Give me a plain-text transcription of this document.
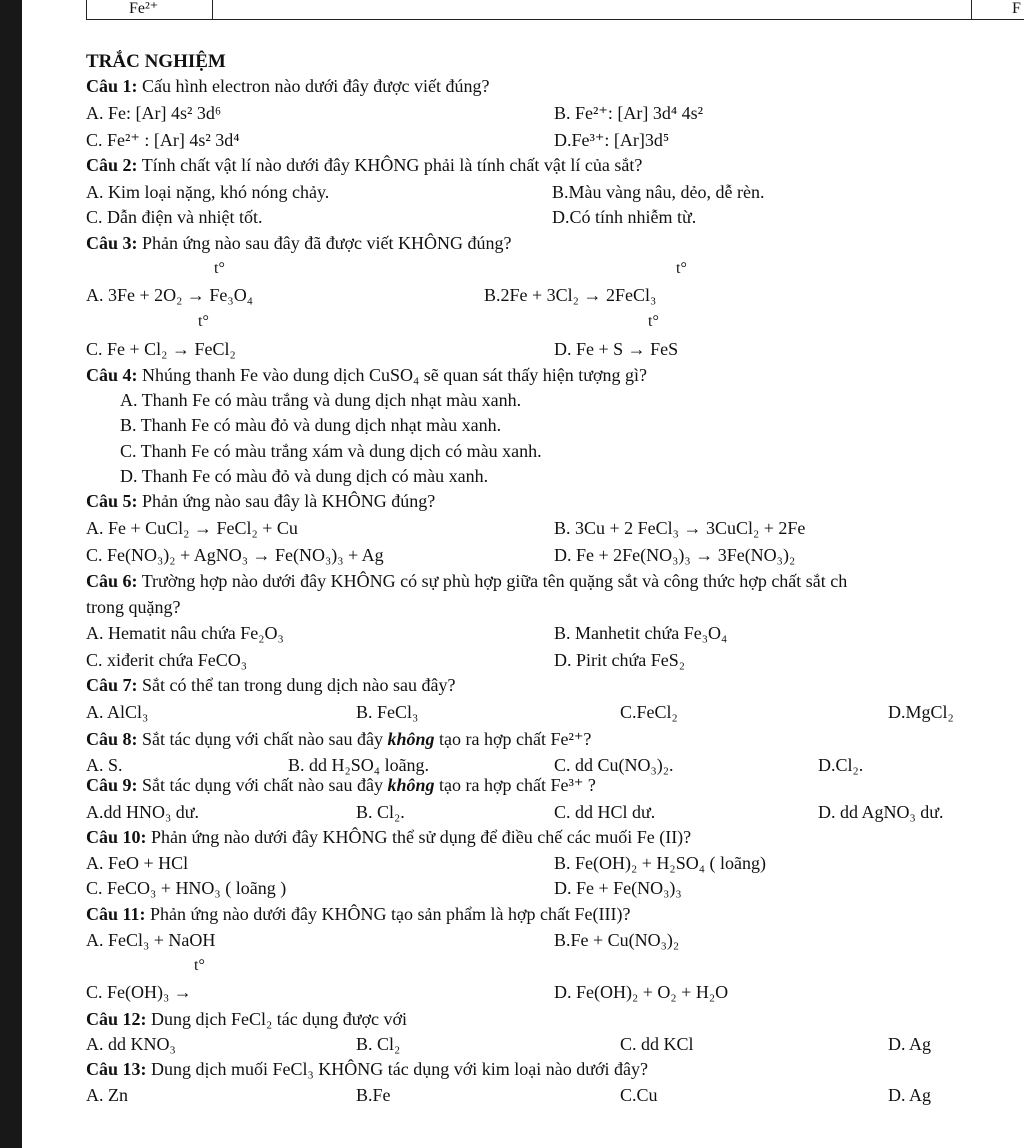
Fe²⁺	F
TRẮC NGHIỆM
Câu 1: Cấu hình electron nào dưới đây được viết đúng?
A. Fe: [Ar] 4s² 3d⁶	B. Fe²⁺: [Ar] 3d⁴ 4s²
C. Fe²⁺ : [Ar] 4s² 3d⁴	D.Fe³⁺: [Ar]3d⁵
Câu 2: Tính chất vật lí nào dưới đây KHÔNG phải là tính chất vật lí của sắt?
A. Kim loại nặng, khó nóng chảy.	B.Màu vàng nâu, dẻo, dễ rèn.
C. Dẫn điện và nhiệt tốt.	D.Có tính nhiễm từ.
Câu 3: Phản ứng nào sau đây đã được viết KHÔNG đúng?
t°	t°
A. 3Fe + 2O₂ → Fe₃O₄	B.2Fe + 3Cl₂ → 2FeCl₃
t°	t°
C. Fe + Cl₂ → FeCl₂	D. Fe + S → FeS
Câu 4: Nhúng thanh Fe vào dung dịch CuSO₄ sẽ quan sát thấy hiện tượng gì?
A. Thanh Fe có màu trắng và dung dịch nhạt màu xanh.
B. Thanh Fe có màu đỏ và dung dịch nhạt màu xanh.
C. Thanh Fe có màu trắng xám và dung dịch có màu xanh.
D. Thanh Fe có màu đỏ và dung dịch có màu xanh.
Câu 5: Phản ứng nào sau đây là KHÔNG đúng?
A. Fe + CuCl₂ → FeCl₂ + Cu	B. 3Cu + 2 FeCl₃ → 3CuCl₂ + 2Fe
C. Fe(NO₃)₂ + AgNO₃ → Fe(NO₃)₃ + Ag	D. Fe + 2Fe(NO₃)₃ → 3Fe(NO₃)₂
Câu 6: Trường hợp nào dưới đây KHÔNG có sự phù hợp giữa tên quặng sắt và công thức hợp chất sắt ch
trong quặng?
A. Hematit nâu chứa Fe₂O₃	B. Manhetit chứa Fe₃O₄
C. xiđerit chứa FeCO₃	D. Pirit chứa FeS₂
Câu 7: Sắt có thể tan trong dung dịch nào sau đây?
A. AlCl₃	B. FeCl₃	C.FeCl₂	D.MgCl₂
Câu 8: Sắt tác dụng với chất nào sau đây không tạo ra hợp chất Fe²⁺?
A. S.	B. dd H₂SO₄ loãng.	C. dd Cu(NO₃)₂.	D.Cl₂.
Câu 9: Sắt tác dụng với chất nào sau đây không tạo ra hợp chất Fe³⁺ ?
A.dd HNO₃ dư.	B. Cl₂.	C. dd HCl dư.	D. dd AgNO₃ dư.
Câu 10: Phản ứng nào dưới đây KHÔNG thể sử dụng để điều chế các muối Fe (II)?
A. FeO + HCl	B. Fe(OH)₂ + H₂SO₄ ( loãng)
C. FeCO₃ + HNO₃ ( loãng )	D. Fe + Fe(NO₃)₃
Câu 11: Phản ứng nào dưới đây KHÔNG tạo sản phẩm là hợp chất Fe(III)?
A. FeCl₃ + NaOH	B.Fe + Cu(NO₃)₂
t°
C. Fe(OH)₃ →	D. Fe(OH)₂ + O₂ + H₂O
Câu 12: Dung dịch FeCl₂ tác dụng được với
A. dd KNO₃	B. Cl₂	C. dd KCl	D. Ag
Câu 13: Dung dịch muối FeCl₃ KHÔNG tác dụng với kim loại nào dưới đây?
A. Zn	B.Fe	C.Cu	D. Ag
